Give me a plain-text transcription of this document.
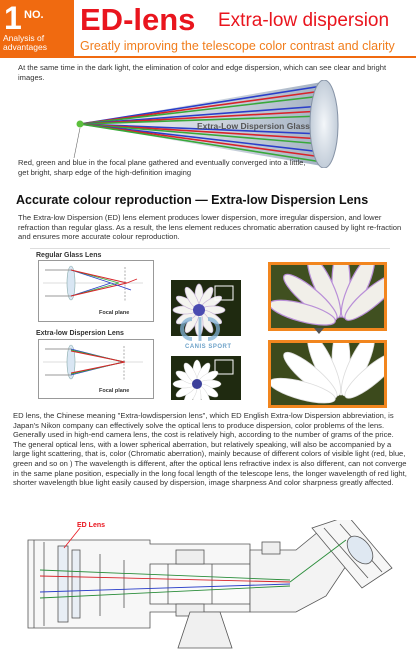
1 NO.
Analysis of advantages
ED-lens Extra-low dispersion
Greatly improving the telescope color contrast and clarity
At the same time in the dark light, the elimination of color and edge dispersion, which can see clear and bright images.
Extra-Low Dispersion Glass
Red, green and blue in the focal plane gathered and eventually converged into a little, get bright, sharp edge of the high-definition imaging
Accurate colour reproduction — Extra-low Dispersion Lens
The Extra-low Dispersion (ED) lens element produces lower dispersion, more irregular dispersion, and lower refraction than regular glass. As a result, the lens element reduces chromatic aberration caused by light re-fraction and ensures more accurate colour reproduction.
Regular Glass Lens
Focal plane
Extra-low Dispersion Lens
Focal plane
CANIS SPORT

ED lens, the Chinese meaning "Extra-lowdispersion lens", which ED English Extra-low Dispersion abbreviation, is Japan's Nikon company can effectively solve the optical lens to produce dispersion, color problems of the lens. Generally used in high-end camera lens, the cost is relatively high, according to the number of grams of the price.

The general optical lens, with a lower spherical aberration, but relatively speaking, will also be accompanied by a large light scattering, that is, color (Chromatic aberration), mainly because of different colors of visible light (red, blue, green and so on ) The wavelength is different, after the optical lens refractive index is also different, can not converge in the same plane position, especially in the long focal length of the telescope lens, the longer wavelength of red light, shorter wavelength blue light easily caused by dispersion, image sharpness And color sharpness greatly affected.

ED Lens
